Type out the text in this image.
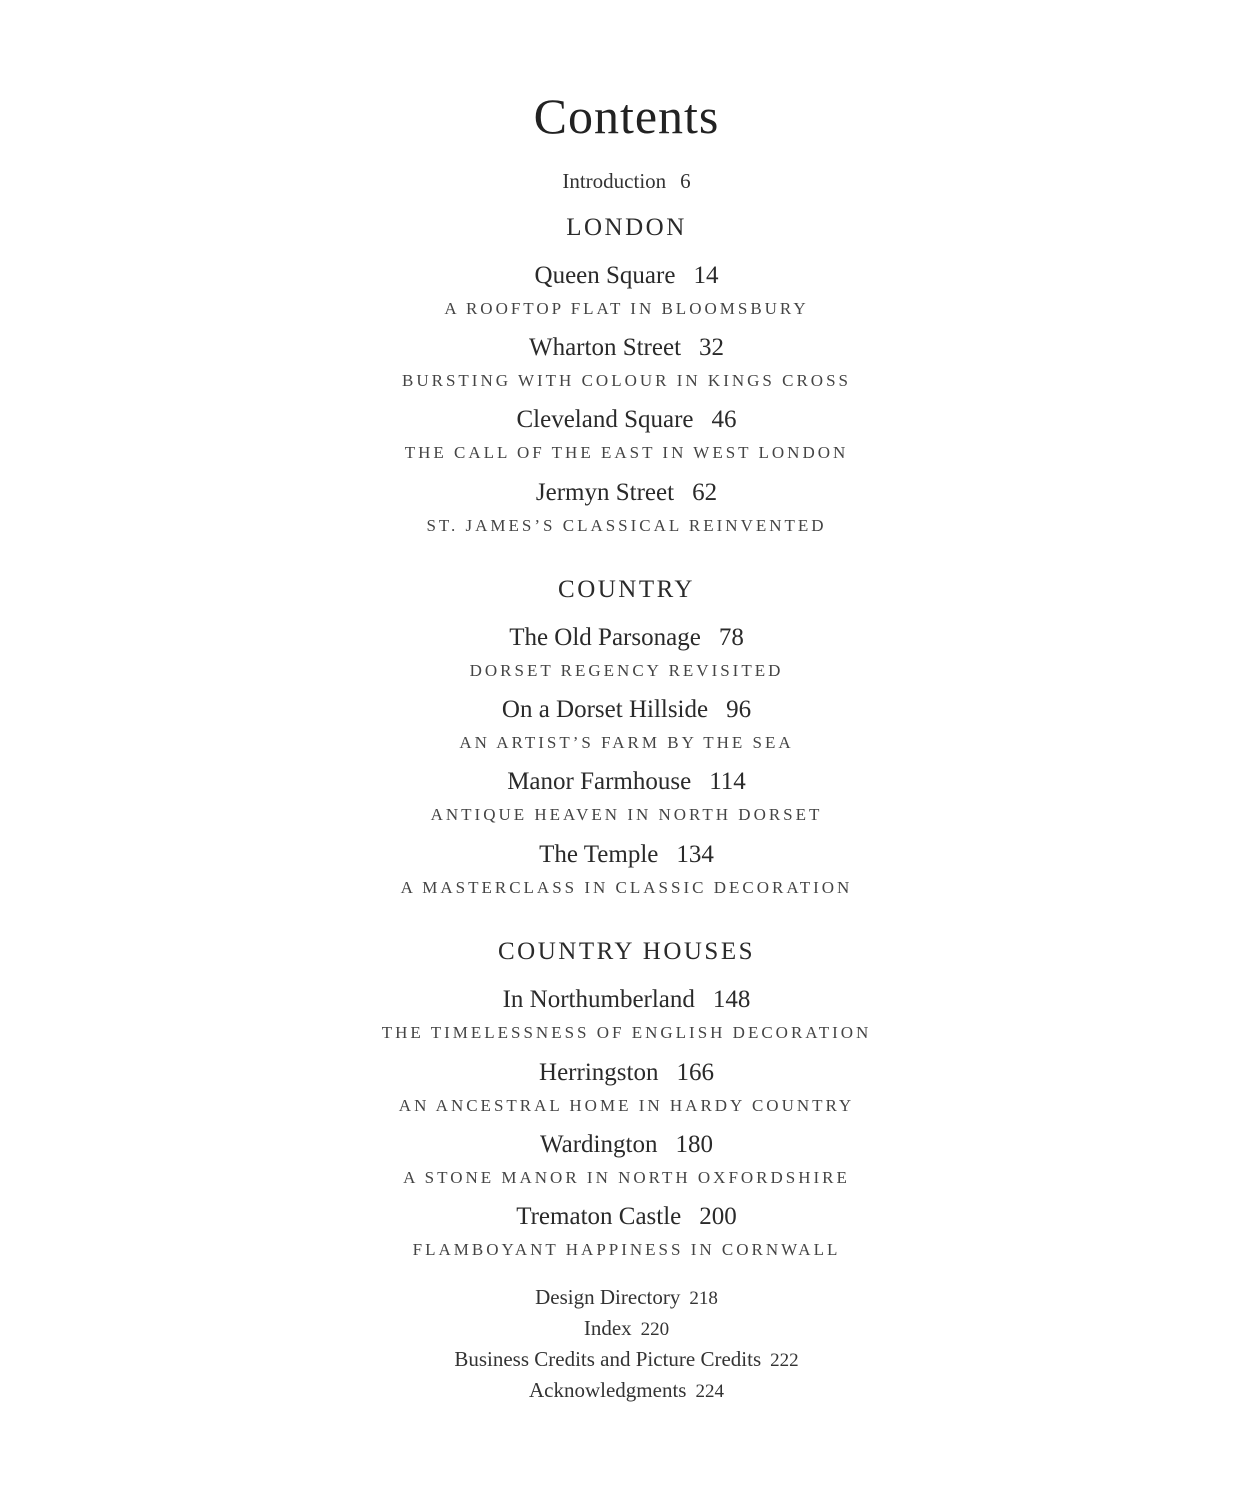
Contents
Introduction 6
LONDON
Queen Square 14
A ROOFTOP FLAT IN BLOOMSBURY
Wharton Street 32
BURSTING WITH COLOUR IN KINGS CROSS
Cleveland Square 46
THE CALL OF THE EAST IN WEST LONDON
Jermyn Street 62
ST. JAMES’S CLASSICAL REINVENTED
COUNTRY
The Old Parsonage 78
DORSET REGENCY REVISITED
On a Dorset Hillside 96
AN ARTIST’S FARM BY THE SEA
Manor Farmhouse 114
ANTIQUE HEAVEN IN NORTH DORSET
The Temple 134
A MASTERCLASS IN CLASSIC DECORATION
COUNTRY HOUSES
In Northumberland 148
THE TIMELESSNESS OF ENGLISH DECORATION
Herringston 166
AN ANCESTRAL HOME IN HARDY COUNTRY
Wardington 180
A STONE MANOR IN NORTH OXFORDSHIRE
Trematon Castle 200
FLAMBOYANT HAPPINESS IN CORNWALL
Design Directory 218
Index 220
Business Credits and Picture Credits 222
Acknowledgments 224
